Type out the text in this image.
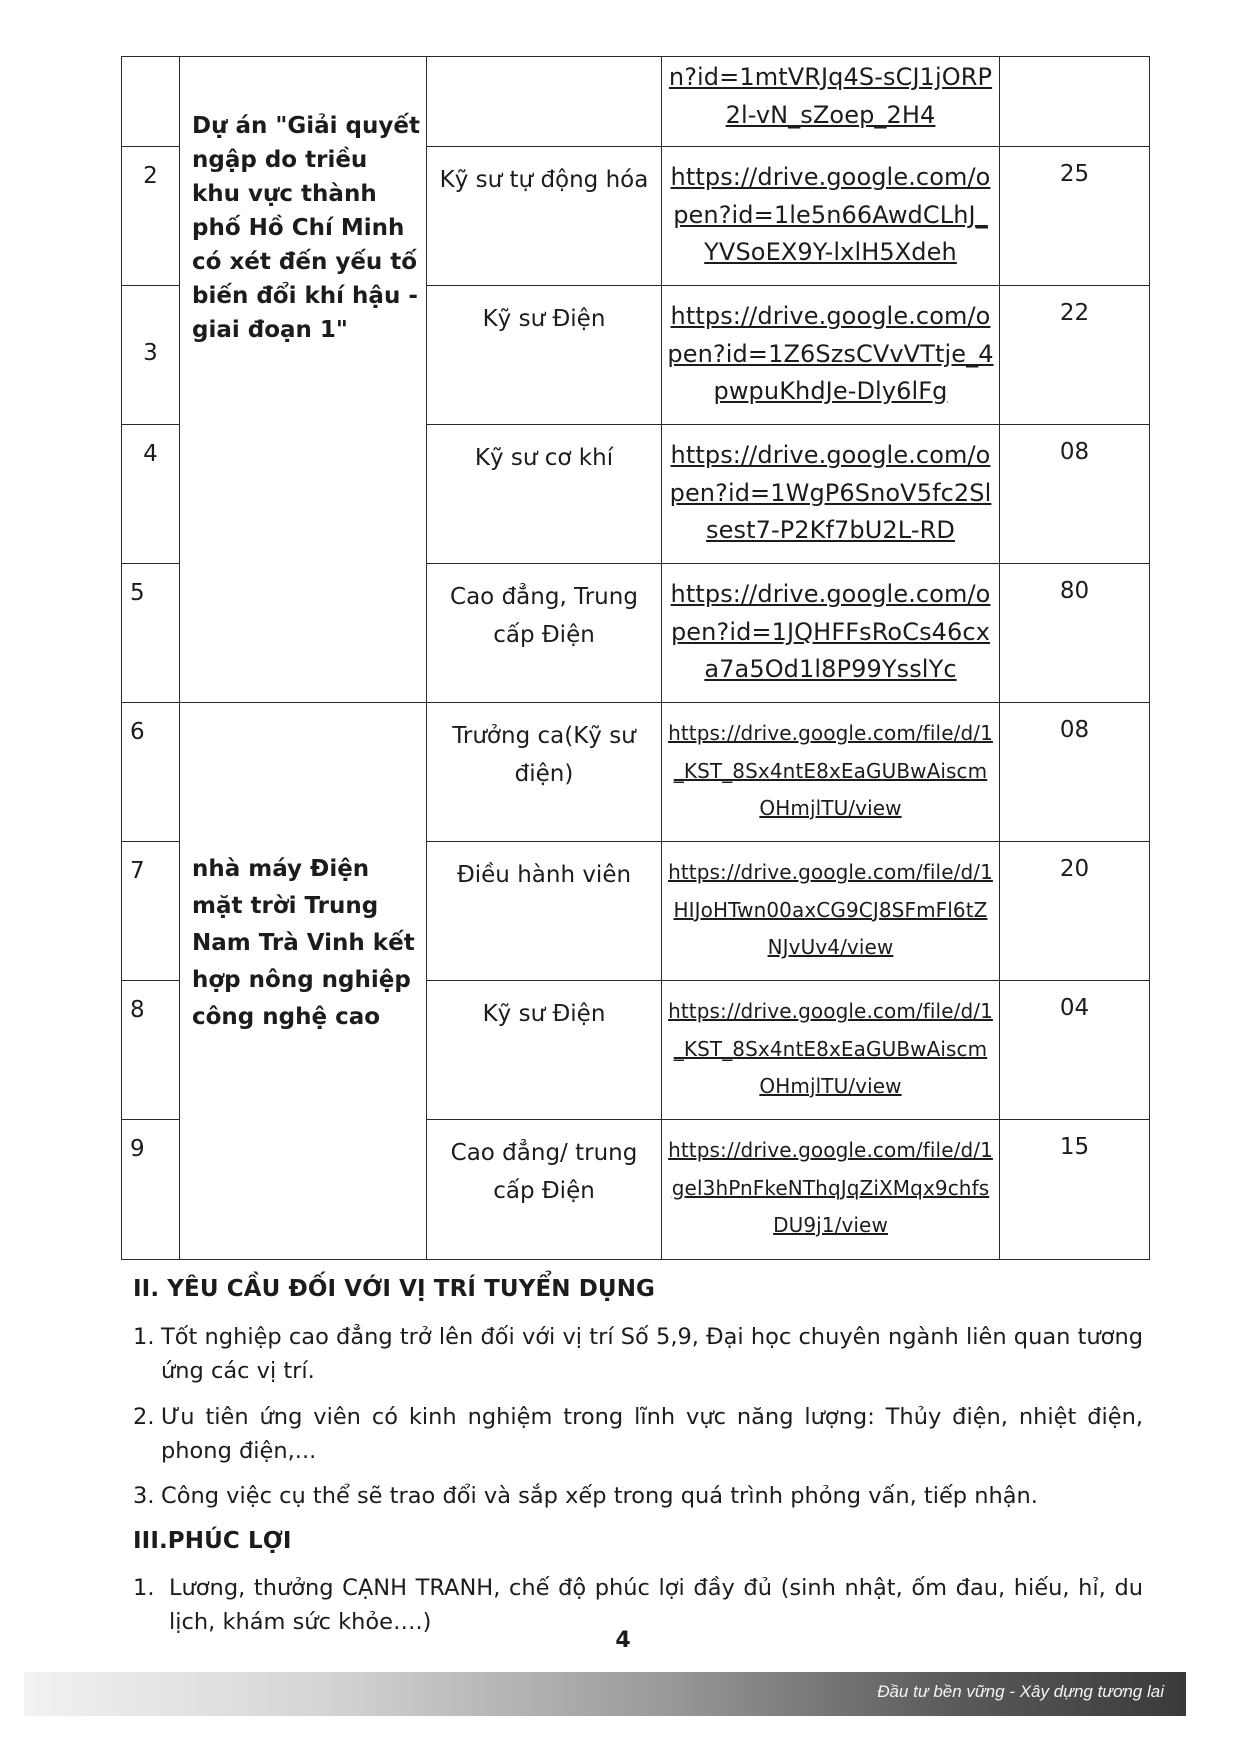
	Dự án "Giải quyết ngập do triều khu vực thành phố Hồ Chí Minh có xét đến yếu tố biến đổi khí hậu - giai đoạn 1"		n?id=1mtVRJq4S-sCJ1jORP2l-vN_sZoep_2H4	

2		Kỹ sư tự động hóa	https://drive.google.com/open?id=1le5n66AwdCLhJ_YVSoEX9Y-lxlH5Xdeh	25

3		Kỹ sư Điện	https://drive.google.com/open?id=1Z6SzsCVvVTtje_4pwpuKhdJe-Dly6lFg	22

4		Kỹ sư cơ khí	https://drive.google.com/open?id=1WgP6SnoV5fc2Slsest7-P2Kf7bU2L-RD	08

5		Cao đẳng, Trung cấp Điện	https://drive.google.com/open?id=1JQHFFsRoCs46cxa7a5Od1l8P99YsslYc	80

6	nhà máy Điện mặt trời Trung Nam Trà Vinh kết hợp nông nghiệp công nghệ cao	Trưởng ca(Kỹ sư điện)	https://drive.google.com/file/d/1_KST_8Sx4ntE8xEaGUBwAiscmOHmjlTU/view	08

7		Điều hành viên	https://drive.google.com/file/d/1HIJoHTwn00axCG9CJ8SFmFl6tZNJvUv4/view	20

8		Kỹ sư Điện	https://drive.google.com/file/d/1_KST_8Sx4ntE8xEaGUBwAiscmOHmjlTU/view	04

9		Cao đẳng/ trung cấp Điện	https://drive.google.com/file/d/1gel3hPnFkeNThqJqZiXMqx9chfsDU9j1/view	15
II. YÊU CẦU ĐỐI VỚI VỊ TRÍ TUYỂN DỤNG
1. Tốt nghiệp cao đẳng trở lên đối với vị trí Số 5,9, Đại học chuyên ngành liên quan tương ứng các vị trí.
2. Ưu tiên ứng viên có kinh nghiệm trong lĩnh vực năng lượng: Thủy điện, nhiệt điện, phong điện,...
3. Công việc cụ thể sẽ trao đổi và sắp xếp trong quá trình phỏng vấn, tiếp nhận.
III.PHÚC LỢI
1. Lương, thưởng CẠNH TRANH, chế độ phúc lợi đầy đủ (sinh nhật, ốm đau, hiếu, hỉ, du lịch, khám sức khỏe….)
4
Đầu tư bền vững - Xây dựng tương lai
